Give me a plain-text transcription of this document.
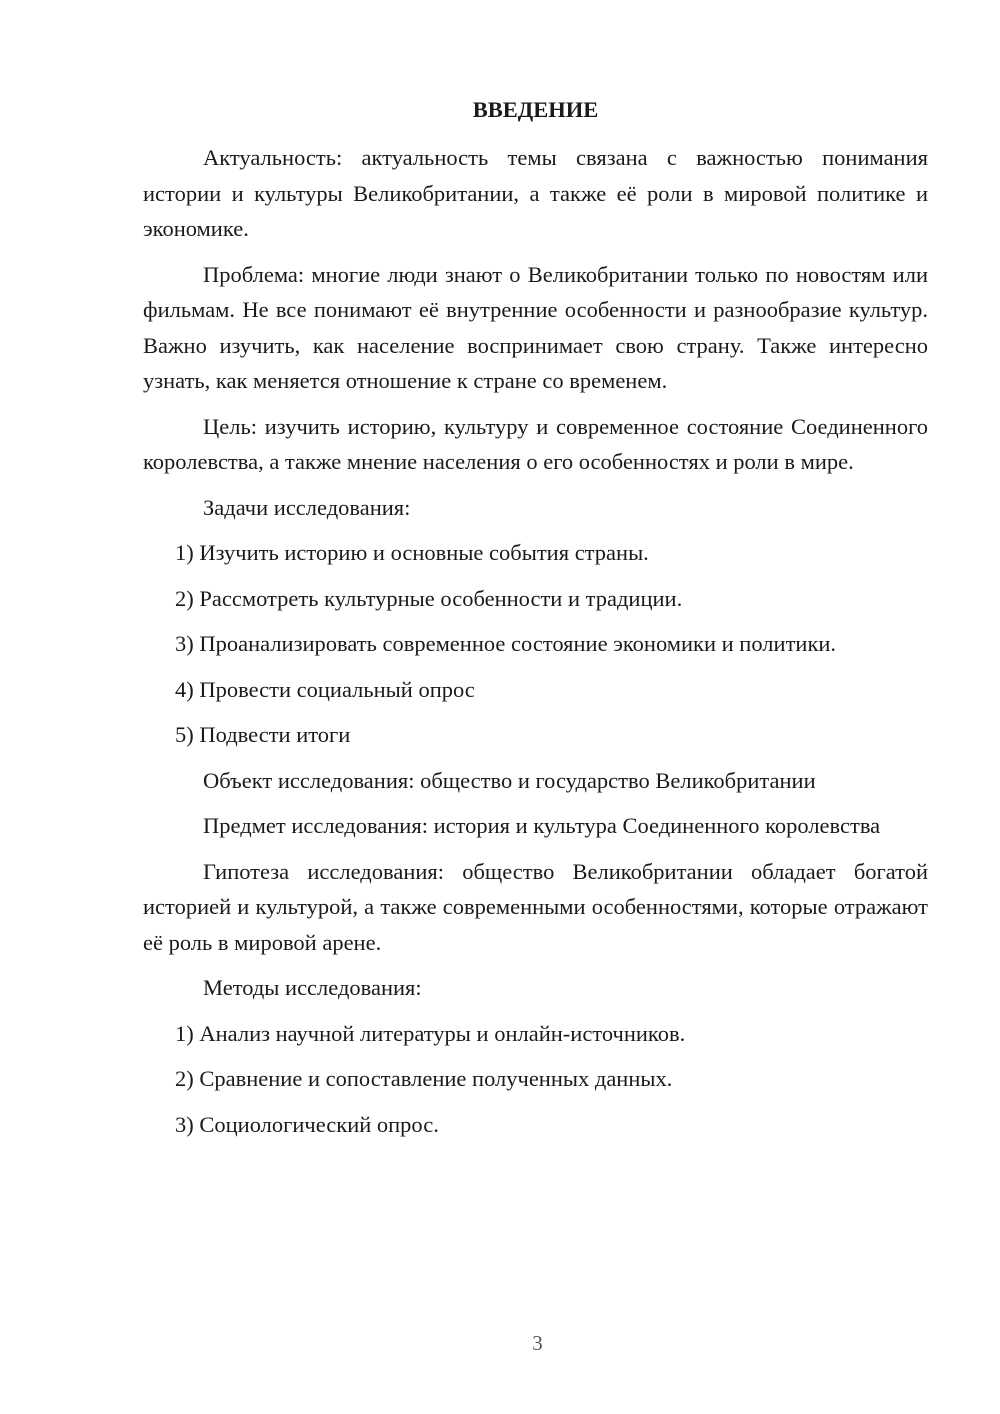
ВВЕДЕНИЕ

Актуальность: актуальность темы связана с важностью понимания истории и культуры Великобритании, а также её роли в мировой политике и экономике.

Проблема: многие люди знают о Великобритании только по новостям или фильмам. Не все понимают её внутренние особенности и разнообразие культур. Важно изучить, как население воспринимает свою страну. Также интересно узнать, как меняется отношение к стране со временем.

Цель: изучить историю, культуру и современное состояние Соединенного королевства, а также мнение населения о его особенностях и роли в мире.

Задачи исследования:

1) Изучить историю и основные события страны.
2) Рассмотреть культурные особенности и традиции.
3) Проанализировать современное состояние экономики и политики.
4) Провести социальный опрос
5) Подвести итоги

Объект исследования: общество и государство Великобритании

Предмет исследования: история и культура Соединенного королевства

Гипотеза исследования: общество Великобритании обладает богатой историей и культурой, а также современными особенностями, которые отражают её роль в мировой арене.

Методы исследования:

1) Анализ научной литературы и онлайн-источников.
2) Сравнение и сопоставление полученных данных.
3) Социологический опрос.
3
